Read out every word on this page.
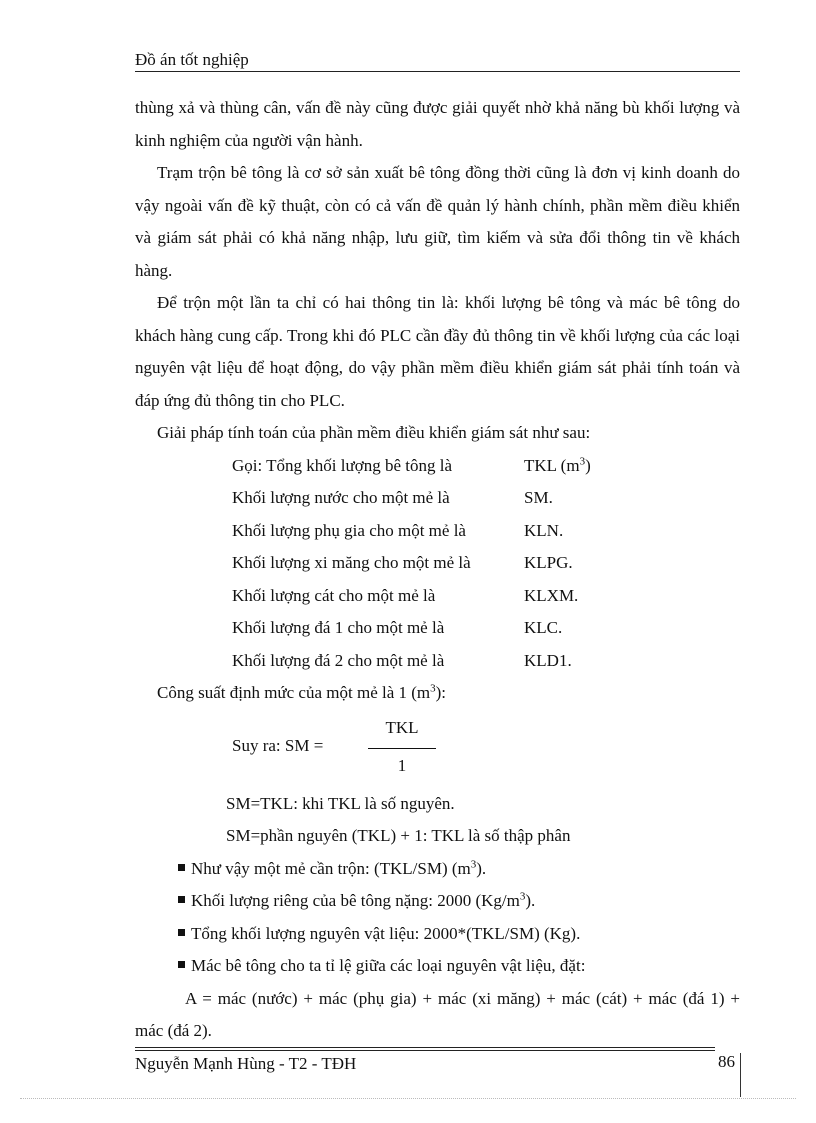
Đồ án tốt nghiệp

thùng xả và thùng cân, vấn đề này cũng được giải quyết nhờ khả năng bù khối lượng và kinh nghiệm của người vận hành.

Trạm trộn bê tông là cơ sở sản xuất bê tông đồng thời cũng là đơn vị kinh doanh do vậy ngoài vấn đề kỹ thuật, còn có cả vấn đề quản lý hành chính, phần mềm điều khiển và giám sát phải có khả năng nhập, lưu giữ, tìm kiếm và sửa đổi thông tin về khách hàng.

Để trộn một lần ta chỉ có hai thông tin là: khối lượng bê tông và mác bê tông do khách hàng cung cấp. Trong khi đó PLC cần đầy đủ thông tin về khối lượng của các loại nguyên vật liệu để hoạt động, do vậy phần mềm điều khiển giám sát phải tính toán và đáp ứng đủ thông tin cho PLC.

Giải pháp tính toán của phần mềm điều khiển giám sát như sau:

Gọi: Tổng khối lượng bê tông là	TKL $(m^3)$
Khối lượng nước cho một mẻ là	SM.
Khối lượng phụ gia cho một mẻ là	KLN.
Khối lượng xi măng cho một mẻ là	KLPG.
Khối lượng cát cho một mẻ là	KLXM.
Khối lượng đá 1 cho một mẻ là	KLC.
Khối lượng đá 2 cho một mẻ là	KLD1.

Công suất định mức của một mẻ là 1 $(m^3)$:

Suy ra: SM =
TKL
1
SM=TKL: khi TKL là số nguyên.
SM=phần nguyên (TKL) + 1: TKL là số thập phân
Như vậy một mẻ cần trộn: (TKL/SM) $(m^3)$.
Khối lượng riêng của bê tông nặng: 2000 $(Kg/m^3)$.
Tổng khối lượng nguyên vật liệu: 2000*(TKL/SM) (Kg).
Mác bê tông cho ta tỉ lệ giữa các loại nguyên vật liệu, đặt:

A = mác (nước) + mác (phụ gia) + mác (xi măng) + mác (cát) + mác (đá 1) + mác (đá 2).

Nguyễn Mạnh Hùng - T2 - TĐH	86
